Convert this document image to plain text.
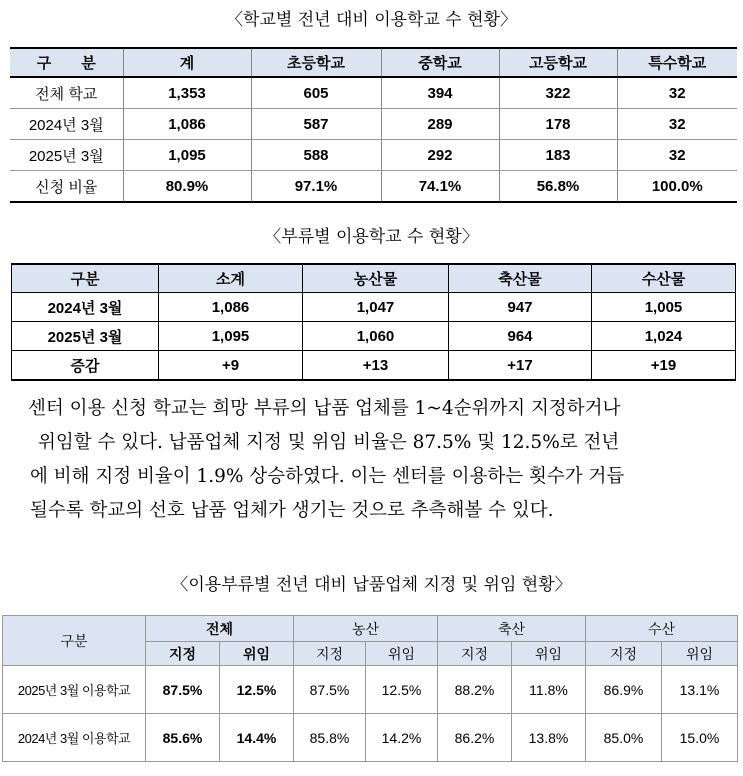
〈학교별 전년 대비 이용학교 수 현황〉
구　　분	계	초등학교	중학교	고등학교	특수학교
전체 학교	1,353	605	394	322	32
2024년 3월	1,086	587	289	178	32
2025년 3월	1,095	588	292	183	32
신청 비율	80.9%	97.1%	74.1%	56.8%	100.0%
〈부류별 이용학교 수 현황〉
구분	소계	농산물	축산물	수산물
2024년 3월	1,086	1,047	947	1,005
2025년 3월	1,095	1,060	964	1,024
증감	+9	+13	+17	+19

센터 이용 신청 학교는 희망 부류의 납품 업체를 1~4순위까지 지정하거나

위임할 수 있다. 납품업체 지정 및 위임 비율은 87.5% 및 12.5%로 전년

에 비해 지정 비율이 1.9% 상승하였다. 이는 센터를 이용하는 횟수가 거듭

될수록 학교의 선호 납품 업체가 생기는 것으로 추측해볼 수 있다.

〈이용부류별 전년 대비 납품업체 지정 및 위임 현황〉
구분	전체		농산		축산		수산	
	지정	위임	지정	위임	지정	위임	지정	위임
2025년 3월 이용학교	87.5%	12.5%	87.5%	12.5%	88.2%	11.8%	86.9%	13.1%
2024년 3월 이용학교	85.6%	14.4%	85.8%	14.2%	86.2%	13.8%	85.0%	15.0%
